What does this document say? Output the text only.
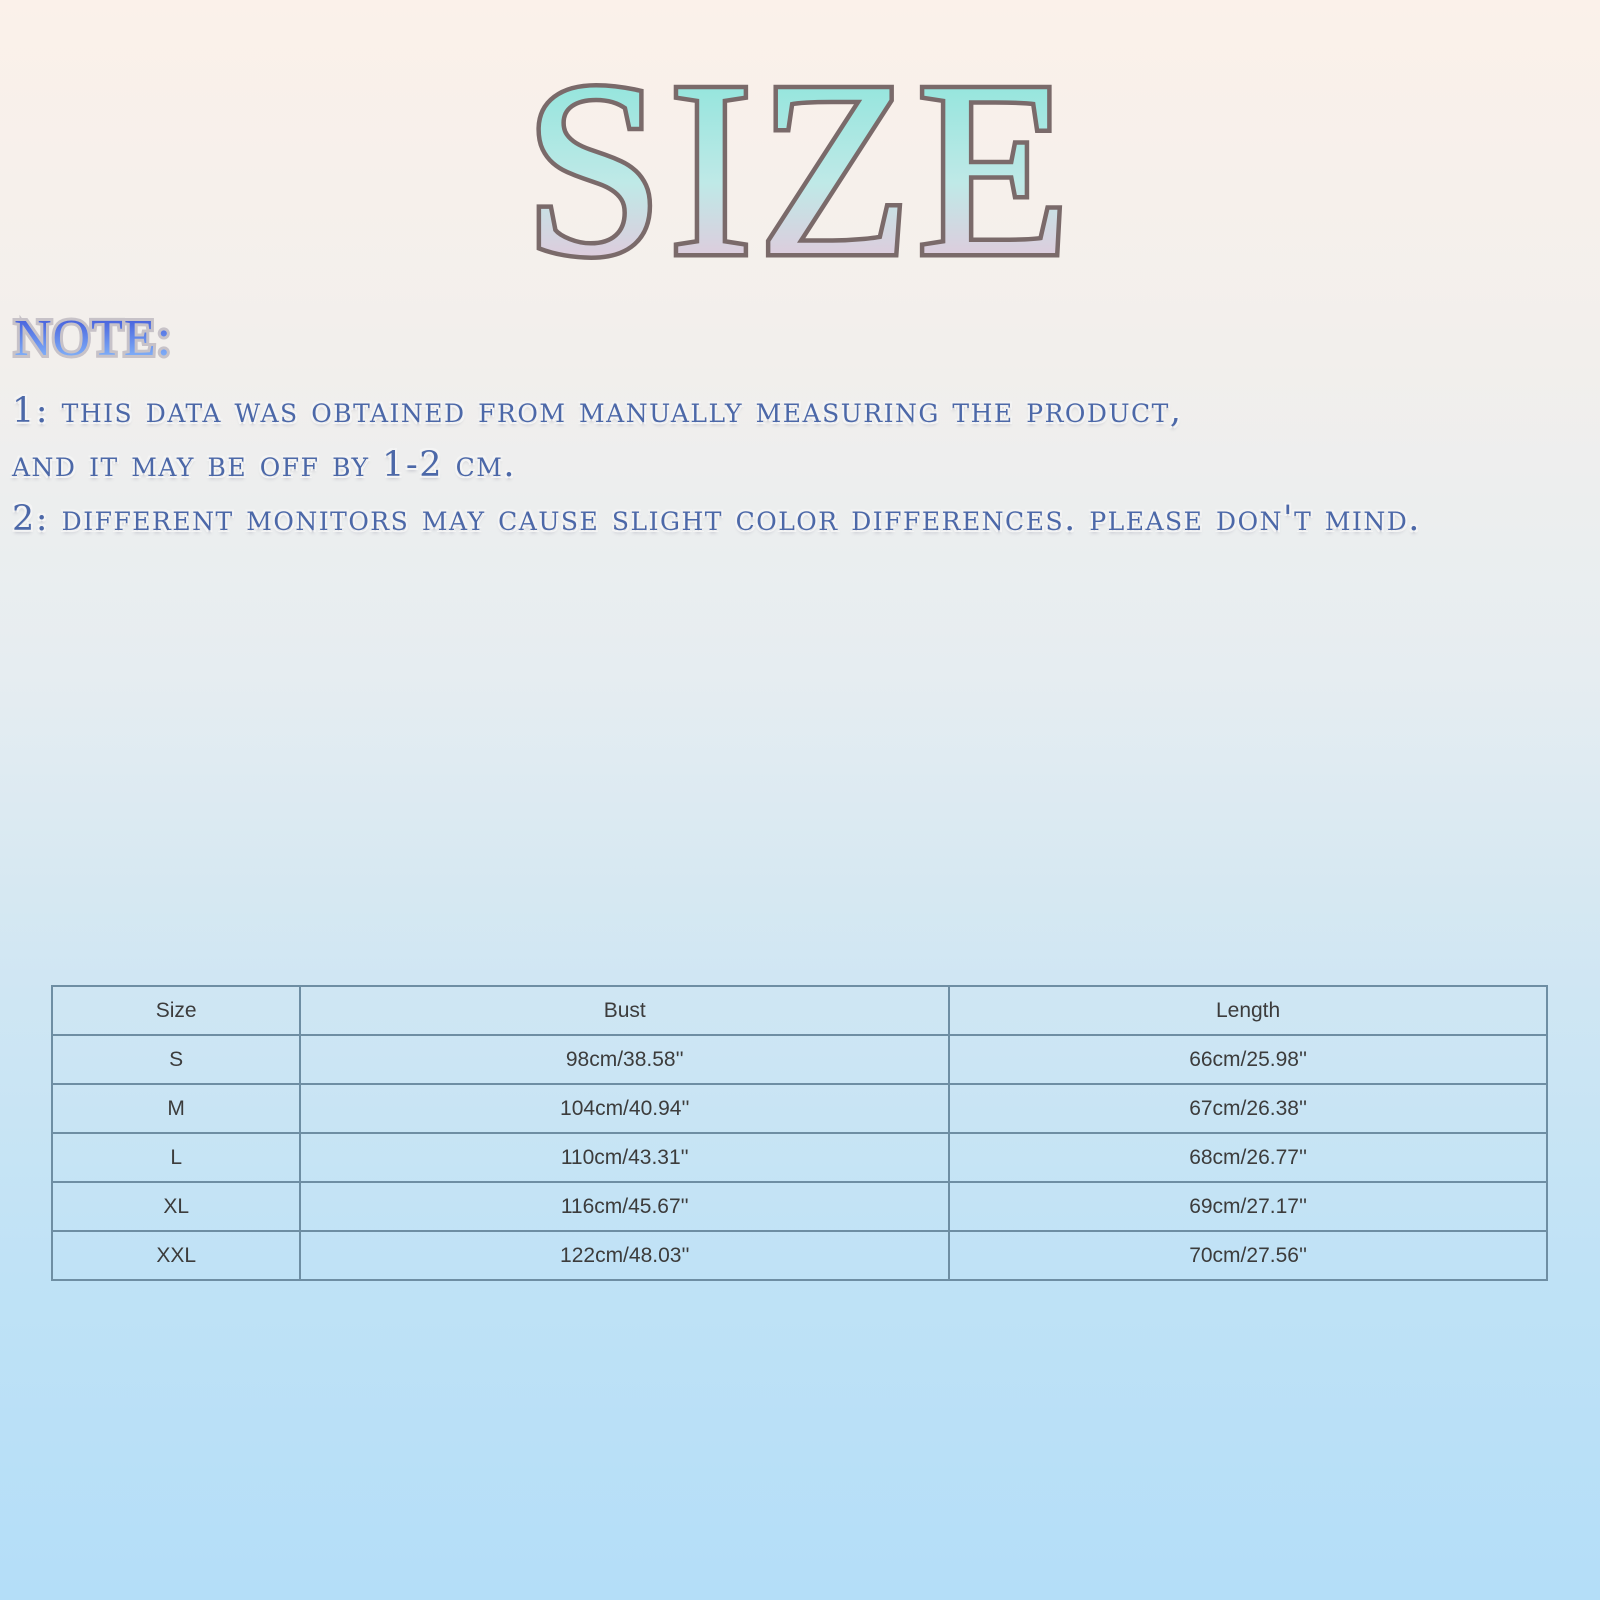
SIZE
NOTE:
1: this data was obtained from manually measuring the product,
and it may be off by 1-2 cm.
2: different monitors may cause slight color differences. please don't mind.
Size	Bust	Length
S	98cm/38.58''	66cm/25.98''
M	104cm/40.94''	67cm/26.38''
L	110cm/43.31''	68cm/26.77''
XL	116cm/45.67''	69cm/27.17''
XXL	122cm/48.03''	70cm/27.56''
